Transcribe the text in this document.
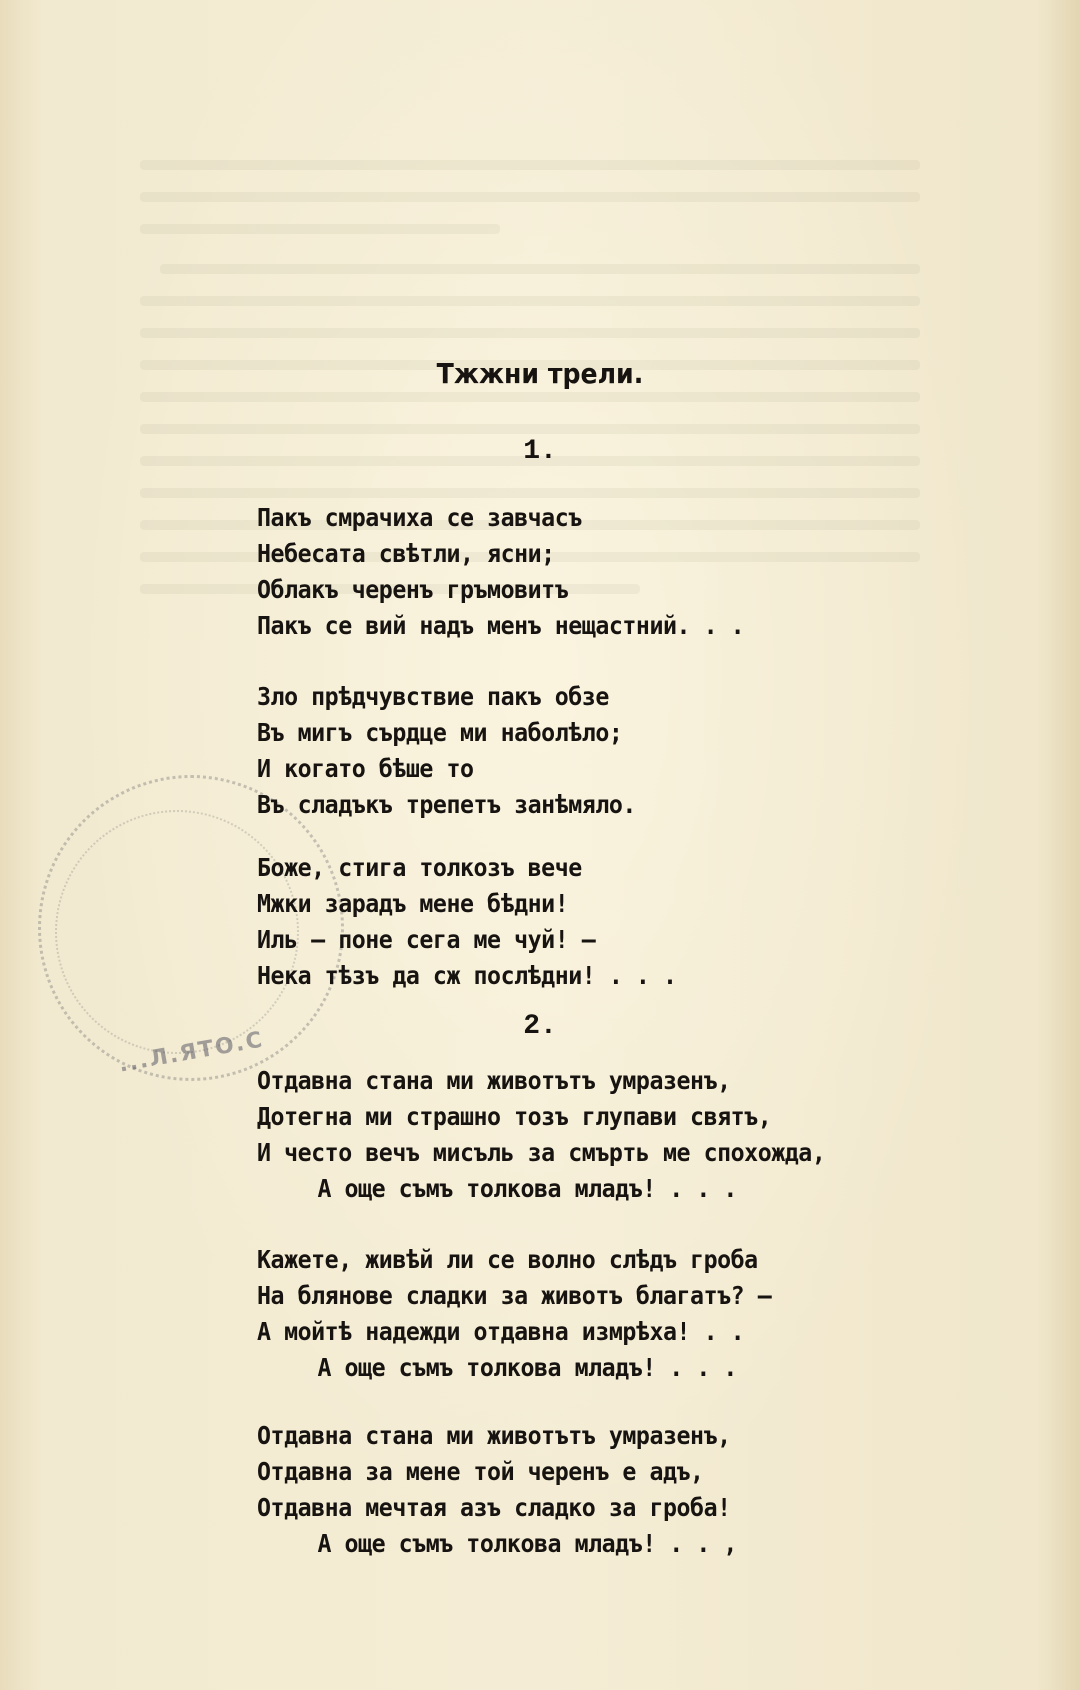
...Л.ЯТО.С
Тжжни трели.
1.
Пакъ смрачиха се завчасъ
Небесата свѣтли, ясни;
Облакъ черенъ гръмовитъ
Пакъ се вий надъ менъ нещастний. . .
Зло прѣдчувствие пакъ обзе
Въ мигъ сърдце ми наболѣло;
И когато бѣше то
Въ сладъкъ трепетъ занѣмяло.
Боже, стига толкозъ вече
Мжки зарадъ мене бѣдни!
Иль — поне сега ме чуй! —
Нека тѣзъ да сж послѣдни! . . .
2.
Отдавна стана ми животътъ умразенъ,
Дотегна ми страшно тозъ глупави святъ,
И често вечъ мисъль за смърть ме спохожда,
А още съмъ толкова младъ! . . .
Кажете, живѣй ли се волно слѣдъ гроба
На блянове сладки за животъ благатъ? —
А мойтѣ надежди отдавна измрѣха! . .
А още съмъ толкова младъ! . . .
Отдавна стана ми животътъ умразенъ,
Отдавна за мене той черенъ е адъ,
Отдавна мечтая азъ сладко за гроба!
А още съмъ толкова младъ! . . ,
